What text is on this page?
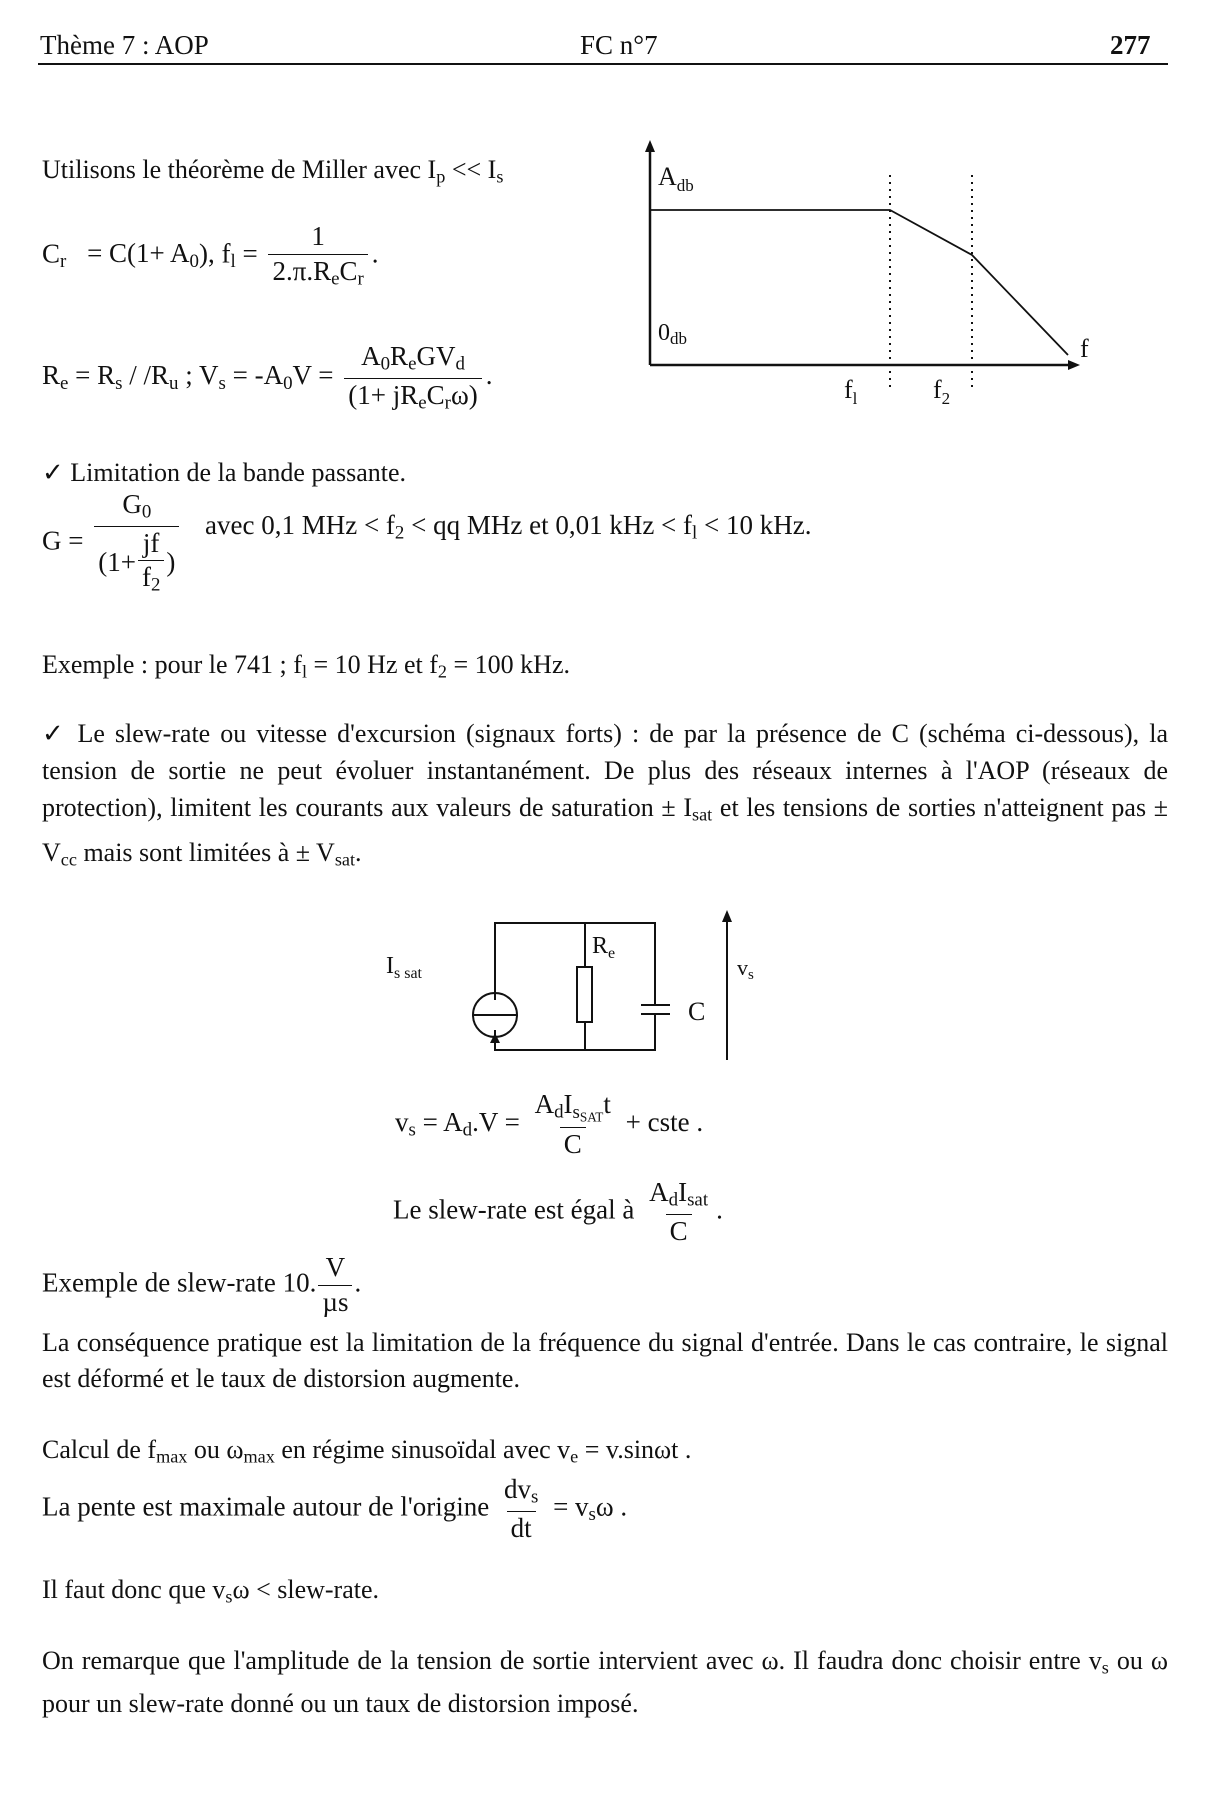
Thème 7 : AOP	FC n°7	277
Utilisons le théorème de Miller avec $I_p << I_s$
$C_r = C(1+ A_0)$, $f_l = \frac{1}{2.\pi.R_eC_r}$ .
$R_e = R_s / /R_u$ ; $V_s = -A_0V = \frac{A_0R_eGV_d}{(1+ jR_eC_r\omega)}$ .
$A_{db}$
0db	f
$f_l$	$f_2$
✓ Limitation de la bande passante.
$G = \frac{G_0}{(1+ \frac{jf}{f_2} )}$ avec 0,1 MHz < $f_2$ < qq MHz et 0,01 kHz < $f_l < 10$ kHz.
Exemple : pour le 741 ; $f_l = 10$ Hz et $f_2 = 100$ kHz.
✓ Le slew-rate ou vitesse d'excursion (signaux forts) : de par la présence de C (schéma ci-dessous), la tension de sortie ne peut évoluer instantanément. De plus des réseaux internes à l'AOP (réseaux de protection), limitent les courants aux valeurs de saturation ± $I_{sat}$ et les tensions de sorties n'atteignent pas ± $V_{cc}$ mais sont limitées à ± $V_{sat}$.
$I_{s sat}$
$R_e$
C
vs
$v_s = A_d.V = \frac{A_dI_{s_{SAT}}t}{C}$ + cste .
Le slew-rate est égal à $\frac{A_dI_{sat}}{C}$ .
Exemple de slew-rate 10. $\frac{V}{\text{µs}}$ .
La conséquence pratique est la limitation de la fréquence du signal d'entrée. Dans le cas contraire, le signal est déformé et le taux de distorsion augmente.
Calcul de $f_{max}$ ou $\omega_{max}$ en régime sinusoïdal avec $v_e = v.\sin\omega t$ .
La pente est maximale autour de l'origine $\frac{dv_s}{dt} = v_s\omega$ .
Il faut donc que $v_s\omega$ < slew-rate.
On remarque que l'amplitude de la tension de sortie intervient avec ω. Il faudra donc choisir entre $v_s$ ou ω pour un slew-rate donné ou un taux de distorsion imposé.
